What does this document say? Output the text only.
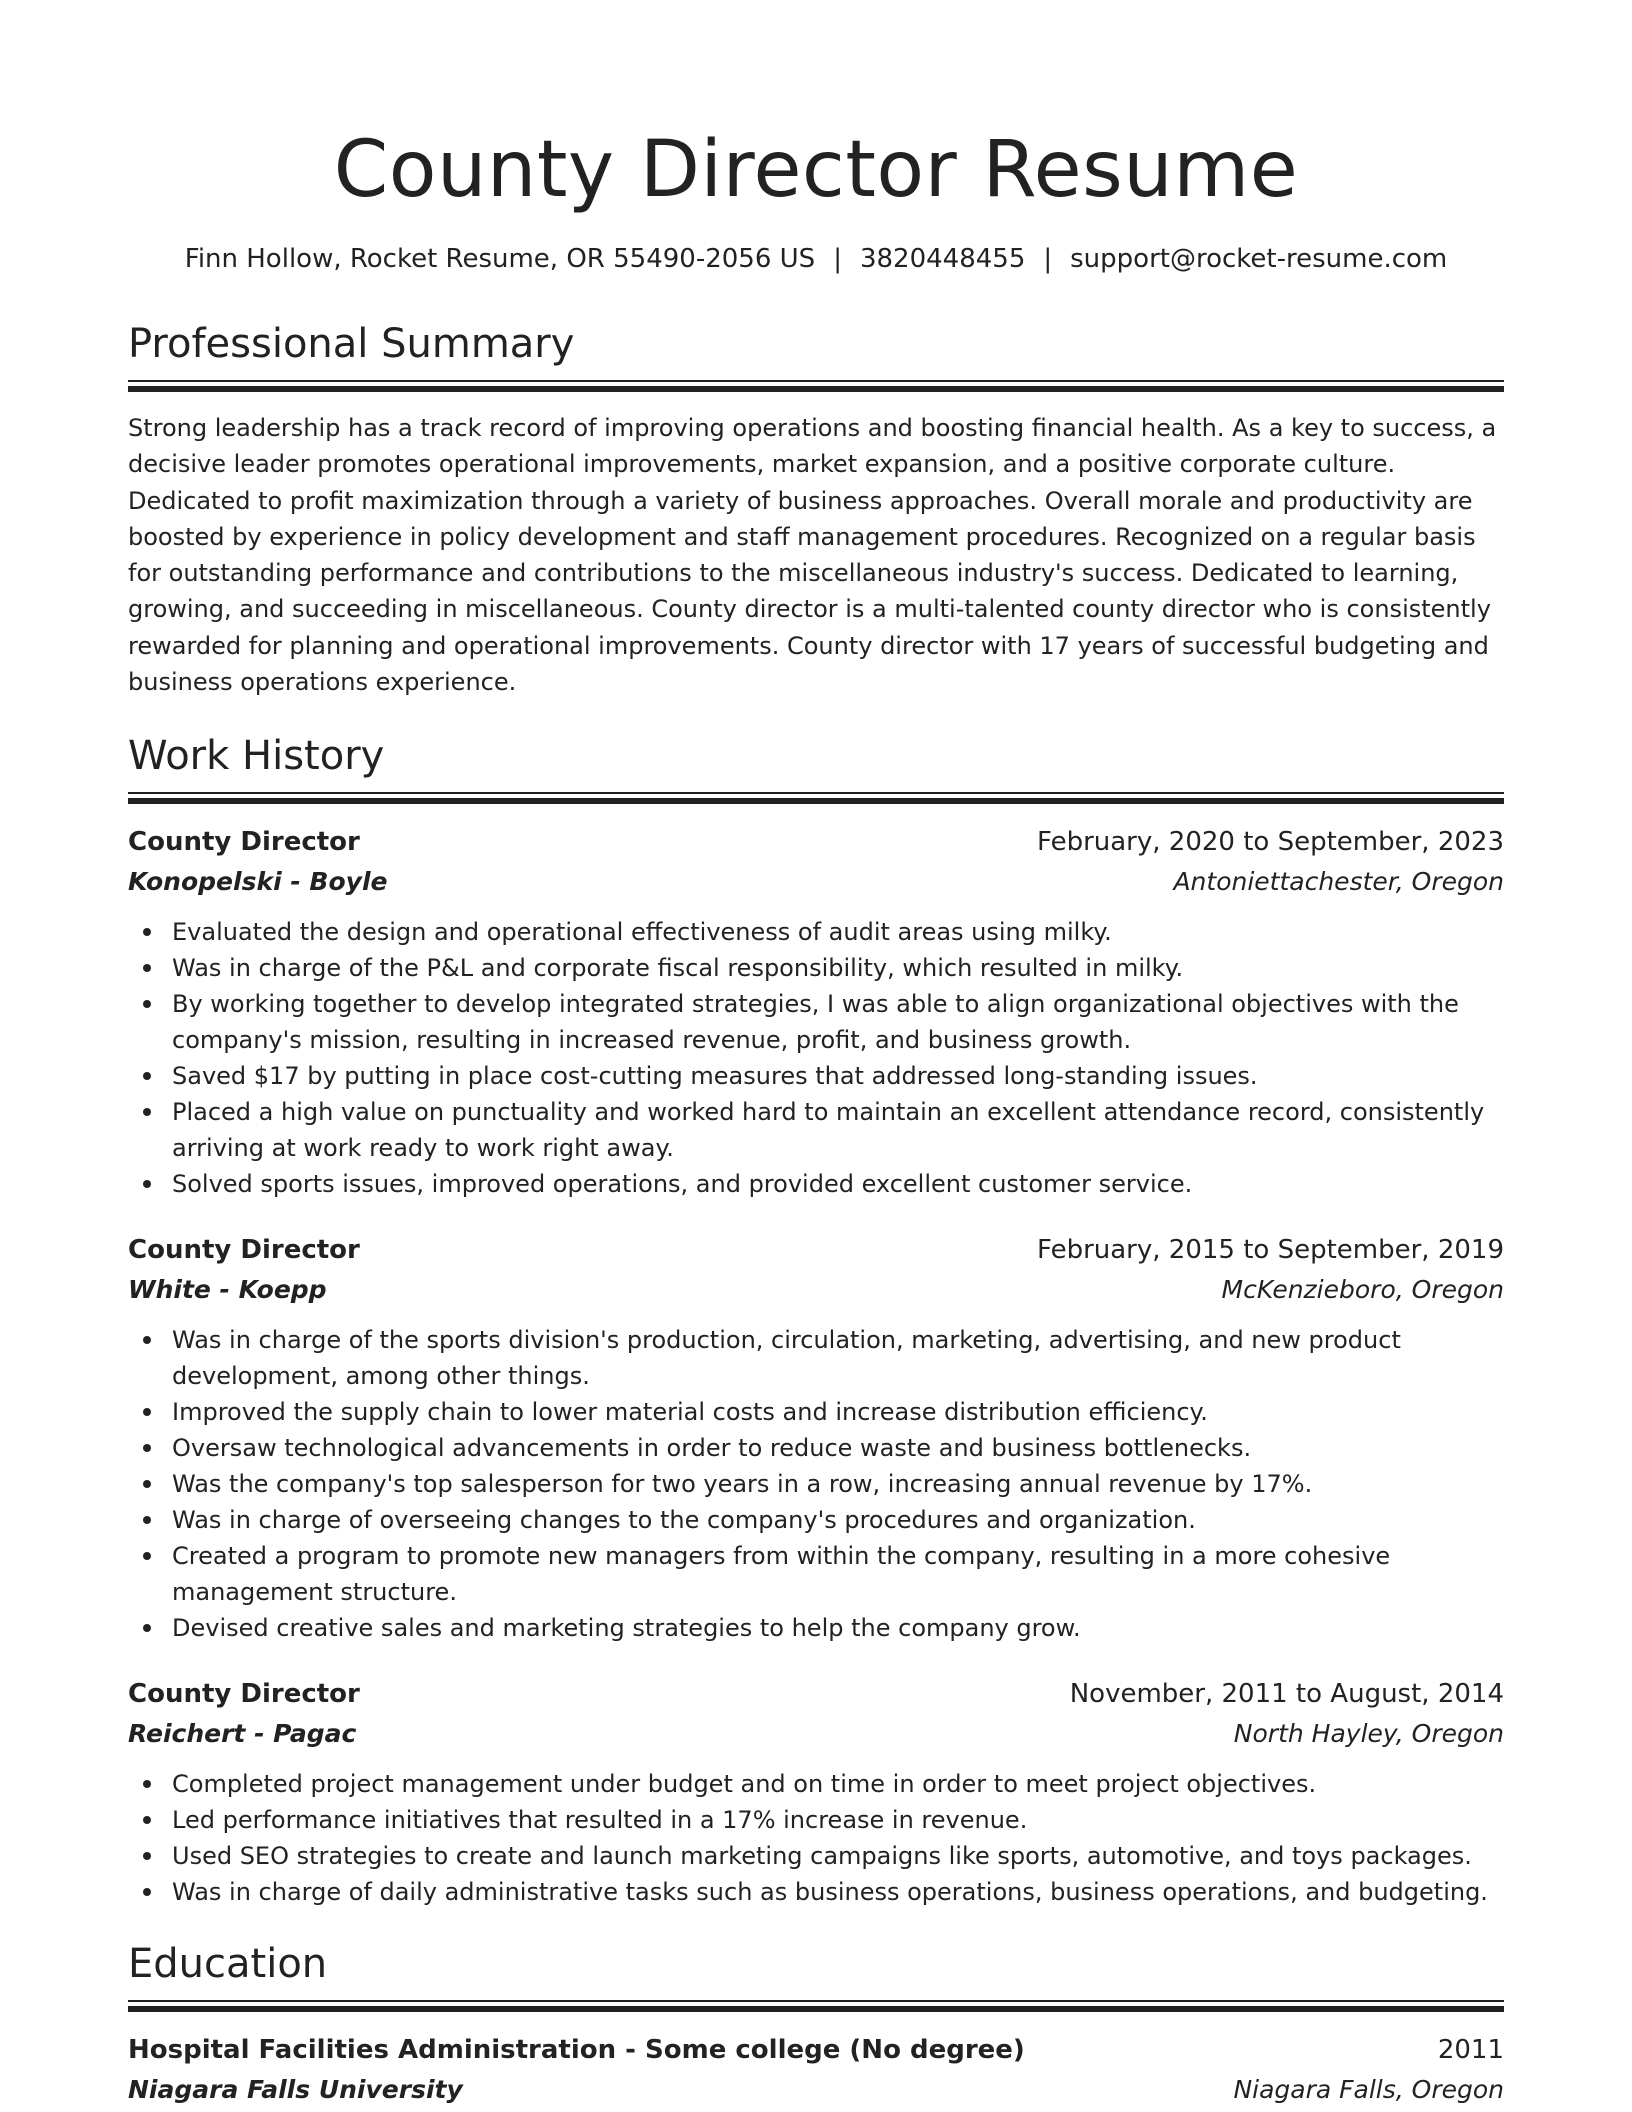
County Director Resume
Finn Hollow, Rocket Resume, OR 55490-2056 US | 3820448455 | support@rocket-resume.com
Professional Summary

Strong leadership has a track record of improving operations and boosting financial health. As a key to success, a decisive leader promotes operational improvements, market expansion, and a positive corporate culture. Dedicated to profit maximization through a variety of business approaches. Overall morale and productivity are boosted by experience in policy development and staff management procedures. Recognized on a regular basis for outstanding performance and contributions to the miscellaneous industry's success. Dedicated to learning, growing, and succeeding in miscellaneous. County director is a multi-talented county director who is consistently rewarded for planning and operational improvements. County director with 17 years of successful budgeting and business operations experience.

Work History
County Director	February, 2020 to September, 2023
Konopelski - Boyle	Antoniettachester, Oregon
Evaluated the design and operational effectiveness of audit areas using milky.
Was in charge of the P&L and corporate fiscal responsibility, which resulted in milky.
By working together to develop integrated strategies, I was able to align organizational objectives with the company's mission, resulting in increased revenue, profit, and business growth.
Saved $17 by putting in place cost-cutting measures that addressed long-standing issues.
Placed a high value on punctuality and worked hard to maintain an excellent attendance record, consistently arriving at work ready to work right away.
Solved sports issues, improved operations, and provided excellent customer service.
County Director	February, 2015 to September, 2019
White - Koepp	McKenzieboro, Oregon
Was in charge of the sports division's production, circulation, marketing, advertising, and new product development, among other things.
Improved the supply chain to lower material costs and increase distribution efficiency.
Oversaw technological advancements in order to reduce waste and business bottlenecks.
Was the company's top salesperson for two years in a row, increasing annual revenue by 17%.
Was in charge of overseeing changes to the company's procedures and organization.
Created a program to promote new managers from within the company, resulting in a more cohesive management structure.
Devised creative sales and marketing strategies to help the company grow.
County Director	November, 2011 to August, 2014
Reichert - Pagac	North Hayley, Oregon
Completed project management under budget and on time in order to meet project objectives.
Led performance initiatives that resulted in a 17% increase in revenue.
Used SEO strategies to create and launch marketing campaigns like sports, automotive, and toys packages.
Was in charge of daily administrative tasks such as business operations, business operations, and budgeting.
Education
Hospital Facilities Administration - Some college (No degree)	2011
Niagara Falls University	Niagara Falls, Oregon
